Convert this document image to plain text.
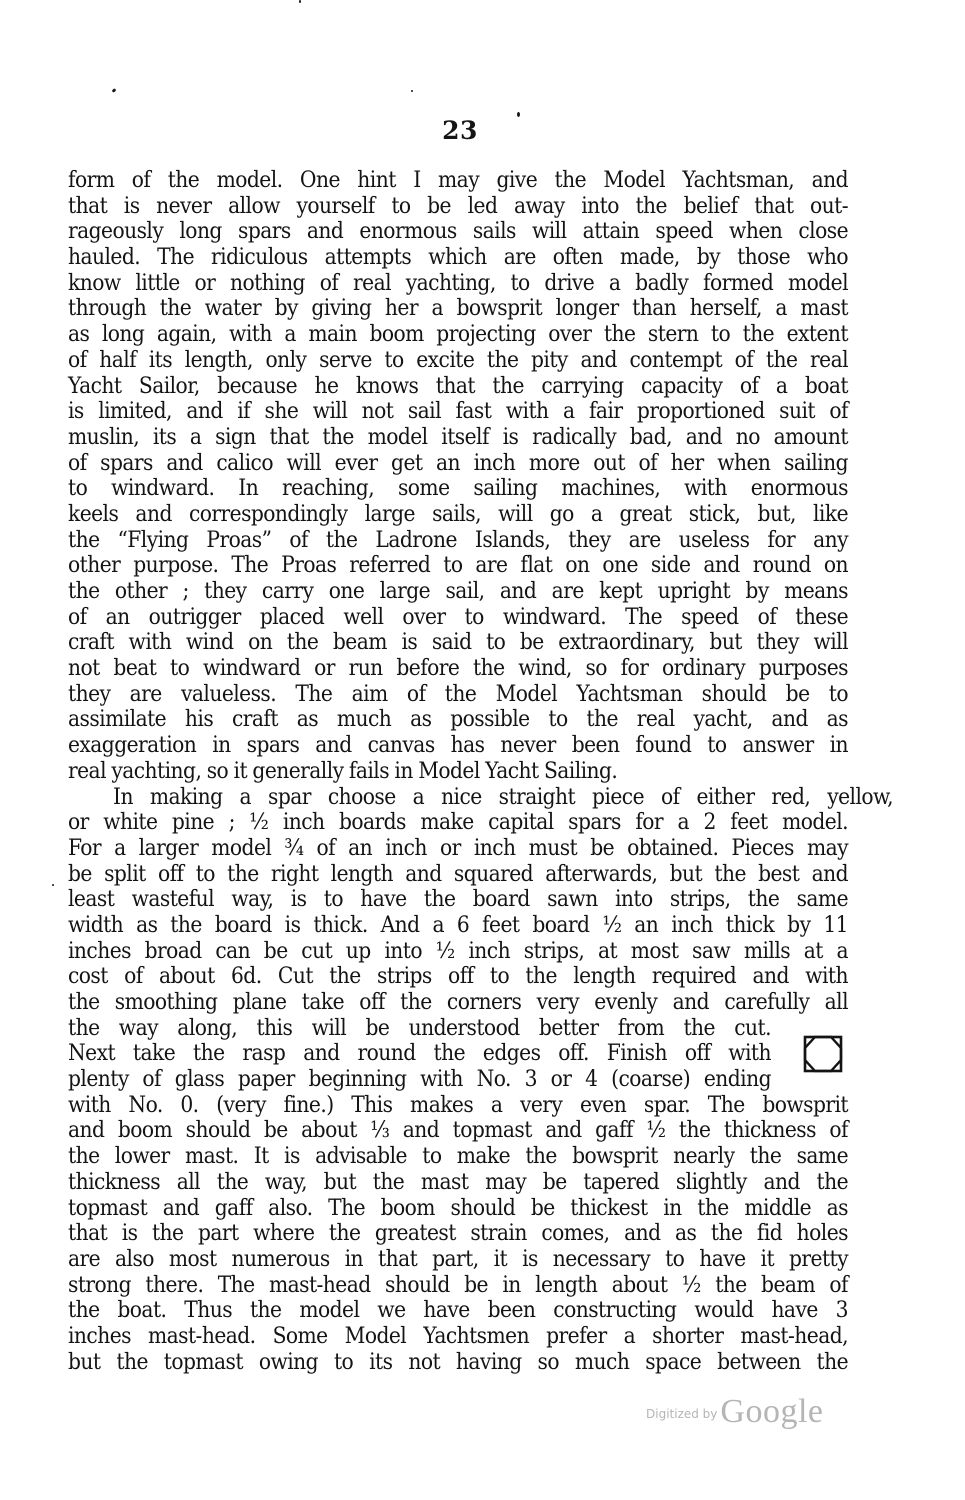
23
form of the model. One hint I may give the Model Yachtsman, and
that is never allow yourself to be led away into the belief that out-
rageously long spars and enormous sails will attain speed when close
hauled. The ridiculous attempts which are often made, by those who
know little or nothing of real yachting, to drive a badly formed model
through the water by giving her a bowsprit longer than herself, a mast
as long again, with a main boom projecting over the stern to the extent
of half its length, only serve to excite the pity and contempt of the real
Yacht Sailor, because he knows that the carrying capacity of a boat
is limited, and if she will not sail fast with a fair proportioned suit of
muslin, its a sign that the model itself is radically bad, and no amount
of spars and calico will ever get an inch more out of her when sailing
to windward. In reaching, some sailing machines, with enormous
keels and correspondingly large sails, will go a great stick, but, like
the “Flying Proas” of the Ladrone Islands, they are useless for any
other purpose. The Proas referred to are flat on one side and round on
the other ; they carry one large sail, and are kept upright by means
of an outrigger placed well over to windward. The speed of these
craft with wind on the beam is said to be extraordinary, but they will
not beat to windward or run before the wind, so for ordinary purposes
they are valueless. The aim of the Model Yachtsman should be to
assimilate his craft as much as possible to the real yacht, and as
exaggeration in spars and canvas has never been found to answer in
real yachting, so it generally fails in Model Yacht Sailing.
In making a spar choose a nice straight piece of either red, yellow,
or white pine ; ½ inch boards make capital spars for a 2 feet model.
For a larger model ¾ of an inch or inch must be obtained. Pieces may
be split off to the right length and squared afterwards, but the best and
least wasteful way, is to have the board sawn into strips, the same
width as the board is thick. And a 6 feet board ½ an inch thick by 11
inches broad can be cut up into ½ inch strips, at most saw mills at a
cost of about 6d. Cut the strips off to the length required and with
the smoothing plane take off the corners very evenly and carefully all
the way along, this will be understood better from the cut.
Next take the rasp and round the edges off. Finish off with
plenty of glass paper beginning with No. 3 or 4 (coarse) ending
with No. 0. (very fine.) This makes a very even spar. The bowsprit
and boom should be about ⅓ and topmast and gaff ½ the thickness of
the lower mast. It is advisable to make the bowsprit nearly the same
thickness all the way, but the mast may be tapered slightly and the
topmast and gaff also. The boom should be thickest in the middle as
that is the part where the greatest strain comes, and as the fid holes
are also most numerous in that part, it is necessary to have it pretty
strong there. The mast-head should be in length about ½ the beam of
the boat. Thus the model we have been constructing would have 3
inches mast-head. Some Model Yachtsmen prefer a shorter mast-head,
but the topmast owing to its not having so much space between the
$^{Digitized by}$Google
